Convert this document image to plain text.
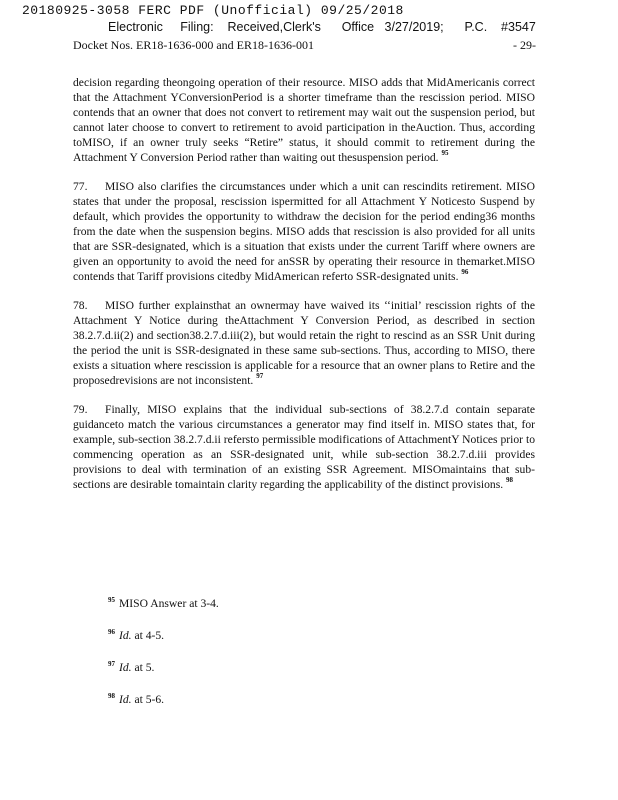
20180925-3058 FERC PDF (Unofficial) 09/25/2018
Electronic     Filing:    Received,Clerk's      Office   3/27/2019;      P.C.    #3547
Docket Nos. ER18-1636-000 and ER18-1636-001	- 29-

decision regarding theongoing operation of their resource. MISO adds that MidAmericanis correct that the Attachment YConversionPeriod is a shorter timeframe than the rescission period. MISO contends that an owner that does not convert to retirement may wait out the suspension period, but cannot later choose to convert to retirement to avoid participation in theAuction. Thus, according toMISO, if an owner truly seeks “Retire” status, it should commit to retirement during the Attachment Y Conversion Period rather than waiting out thesuspension period. $^{95}$

77. MISO also clarifies the circumstances under which a unit can rescindits retirement. MISO states that under the proposal, rescission ispermitted for all Attachment Y Noticesto Suspend by default, which provides the opportunity to withdraw the decision for the period ending36 months from the date when the suspension begins. MISO adds that rescission is also provided for all units that are SSR-designated, which is a situation that exists under the current Tariff where owners are given an opportunity to avoid the need for anSSR by operating their resource in themarket.MISO contends that Tariff provisions citedby MidAmerican referto SSR-designated units. $^{96}$

78. MISO further explainsthat an ownermay have waived its ‘‘initial’ rescission rights of the Attachment Y Notice during theAttachment Y Conversion Period, as described in section 38.2.7.d.ii(2) and section38.2.7.d.iii(2), but would retain the right to rescind as an SSR Unit during the period the unit is SSR-designated in these same sub-sections. Thus, according to MISO, there exists a situation where rescission is applicable for a resource that an owner plans to Retire and the proposedrevisions are not inconsistent. $^{97}$

79. Finally, MISO explains that the individual sub-sections of 38.2.7.d contain separate guidanceto match the various circumstances a generator may find itself in. MISO states that, for example, sub-section 38.2.7.d.ii refersto permissible modifications of AttachmentY Notices prior to commencing operation as an SSR-designated unit, while sub-section 38.2.7.d.iii provides provisions to deal with termination of an existing SSR Agreement. MISOmaintains that sub-sections are desirable tomaintain clarity regarding the applicability of the distinct provisions. $^{98}$

$^{95}$ MISO Answer at 3-4.
$^{96}$ Id. at 4-5.
$^{97}$ Id. at 5.
$^{98}$ Id. at 5-6.
